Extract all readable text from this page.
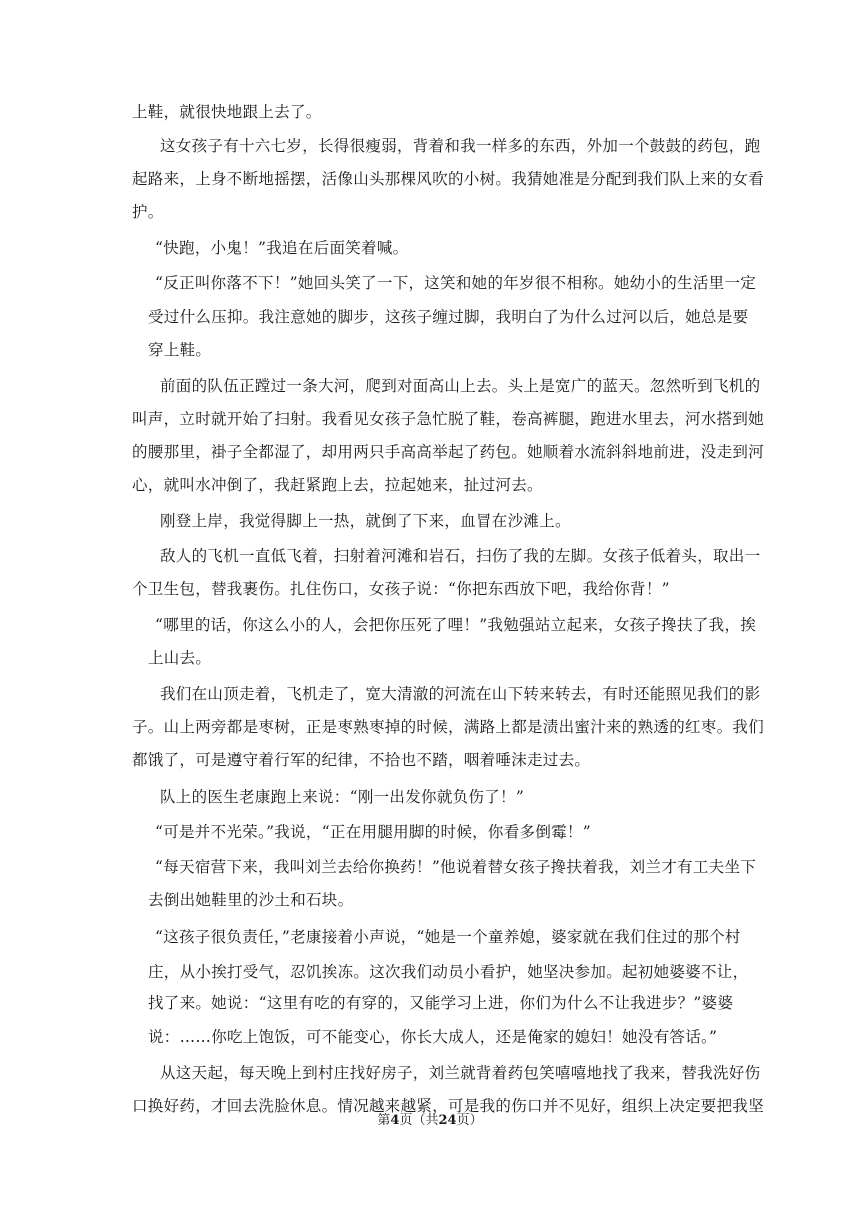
上鞋，就很快地跟上去了。
这女孩子有十六七岁，长得很瘦弱，背着和我一样多的东西，外加一个鼓鼓的药包，跑
起路来，上身不断地摇摆，活像山头那棵风吹的小树。我猜她准是分配到我们队上来的女看
护。
“快跑，小鬼！”我追在后面笑着喊。
“反正叫你落不下！”她回头笑了一下，这笑和她的年岁很不相称。她幼小的生活里一定
受过什么压抑。我注意她的脚步，这孩子缠过脚，我明白了为什么过河以后，她总是要
穿上鞋。
前面的队伍正蹚过一条大河，爬到对面高山上去。头上是宽广的蓝天。忽然听到飞机的
叫声，立时就开始了扫射。我看见女孩子急忙脱了鞋，卷高裤腿，跑进水里去，河水搭到她
的腰那里，褂子全都湿了，却用两只手高高举起了药包。她顺着水流斜斜地前进，没走到河
心，就叫水冲倒了，我赶紧跑上去，拉起她来，扯过河去。
刚登上岸，我觉得脚上一热，就倒了下来，血冒在沙滩上。
敌人的飞机一直低飞着，扫射着河滩和岩石，扫伤了我的左脚。女孩子低着头，取出一
个卫生包，替我裹伤。扎住伤口，女孩子说：“你把东西放下吧，我给你背！”
“哪里的话，你这么小的人，会把你压死了哩！”我勉强站立起来，女孩子搀扶了我，挨
上山去。
我们在山顶走着，飞机走了，宽大清澈的河流在山下转来转去，有时还能照见我们的影
子。山上两旁都是枣树，正是枣熟枣掉的时候，满路上都是渍出蜜汁来的熟透的红枣。我们
都饿了，可是遵守着行军的纪律，不拾也不踏，咽着唾沫走过去。
队上的医生老康跑上来说：“刚一出发你就负伤了！”
“可是并不光荣。”我说，“正在用腿用脚的时候，你看多倒霉！”
“每天宿营下来，我叫刘兰去给你换药！”他说着替女孩子搀扶着我，刘兰才有工夫坐下
去倒出她鞋里的沙土和石块。
“这孩子很负责任，”老康接着小声说，“她是一个童养媳，婆家就在我们住过的那个村
庄，从小挨打受气，忍饥挨冻。这次我们动员小看护，她坚决参加。起初她婆婆不让，
找了来。她说：“这里有吃的有穿的，又能学习上进，你们为什么不让我进步？”婆婆
说：……你吃上饱饭，可不能变心，你长大成人，还是俺家的媳妇！她没有答话。”
从这天起，每天晚上到村庄找好房子，刘兰就背着药包笑嘻嘻地找了我来，替我洗好伤
口换好药，才回去洗脸休息。情况越来越紧，可是我的伤口并不见好，组织上决定要把我坚
第4页（共24页）
